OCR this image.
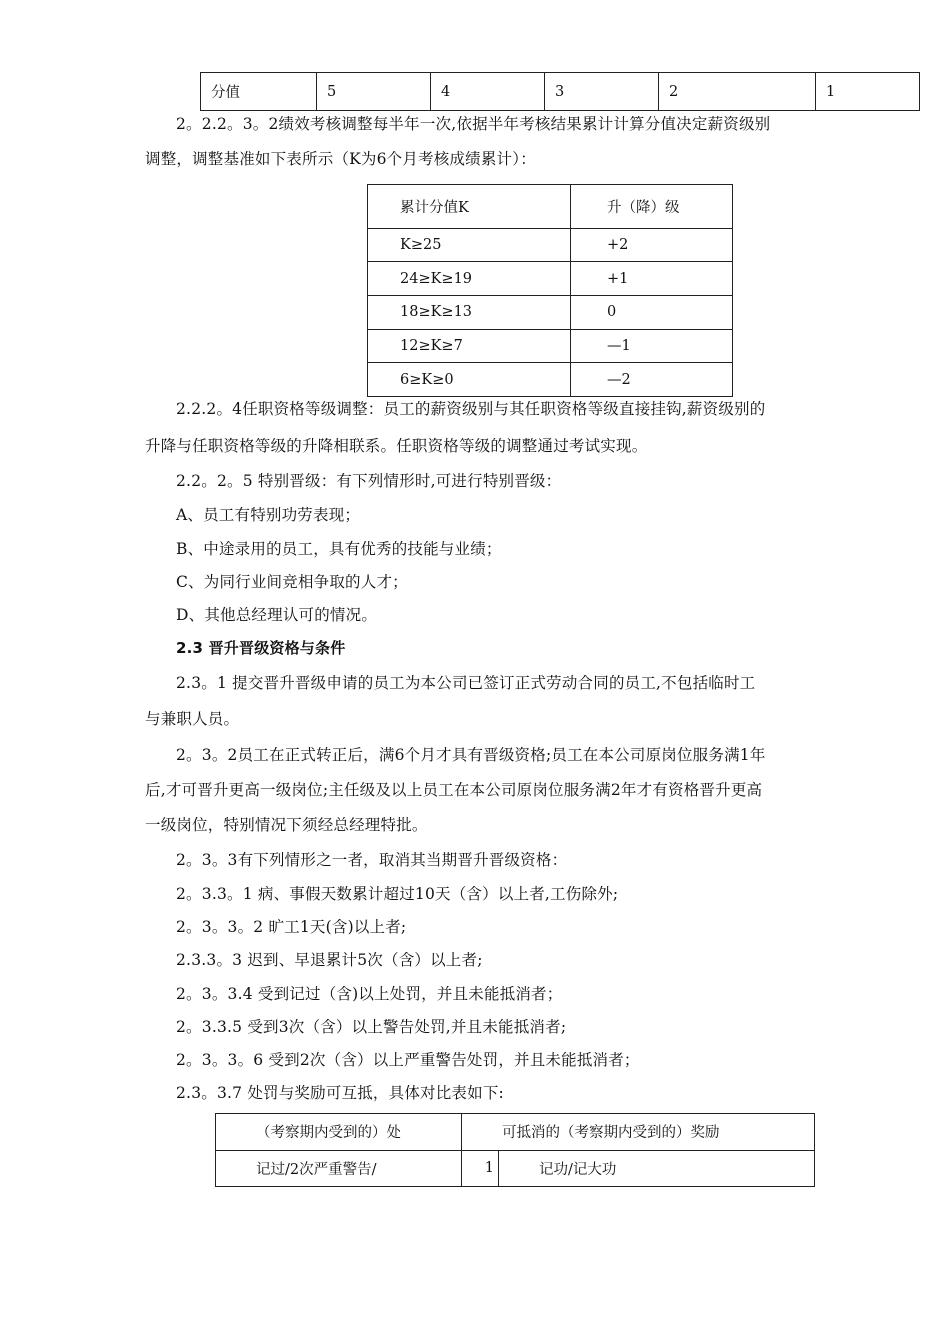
分值	5	4	3	2	1
2。2.2。3。2绩效考核调整每半年一次,依据半年考核结果累计计算分值决定薪资级别
调整，调整基准如下表所示（K为6个月考核成绩累计）：
累计分值K	升（降）级
K≥25	+2
24≥K≥19	+1
18≥K≥13	0
12≥K≥7	—1
6≥K≥0	—2
2.2.2。4任职资格等级调整：员工的薪资级别与其任职资格等级直接挂钩,薪资级别的
升降与任职资格等级的升降相联系。任职资格等级的调整通过考试实现。
2.2。2。5 特别晋级：有下列情形时,可进行特别晋级：
A、员工有特别功劳表现；
B、中途录用的员工，具有优秀的技能与业绩；
C、为同行业间竞相争取的人才；
D、其他总经理认可的情况。
2.3 晋升晋级资格与条件
2.3。1 提交晋升晋级申请的员工为本公司已签订正式劳动合同的员工,不包括临时工
与兼职人员。
2。3。2员工在正式转正后，满6个月才具有晋级资格;员工在本公司原岗位服务满1年
后,才可晋升更高一级岗位;主任级及以上员工在本公司原岗位服务满2年才有资格晋升更高
一级岗位，特别情况下须经总经理特批。
2。3。3有下列情形之一者，取消其当期晋升晋级资格：
2。3.3。1 病、事假天数累计超过10天（含）以上者,工伤除外;
2。3。3。2 旷工1天(含)以上者;
2.3.3。3 迟到、早退累计5次（含）以上者;
2。3。3.4 受到记过（含)以上处罚，并且未能抵消者；
2。3.3.5 受到3次（含）以上警告处罚,并且未能抵消者;
2。3。3。6 受到2次（含）以上严重警告处罚，并且未能抵消者；
2.3。3.7 处罚与奖励可互抵，具体对比表如下:
（考察期内受到的）处	可抵消的（考察期内受到的）奖励	
记过/2次严重警告/	1	记功/记大功
